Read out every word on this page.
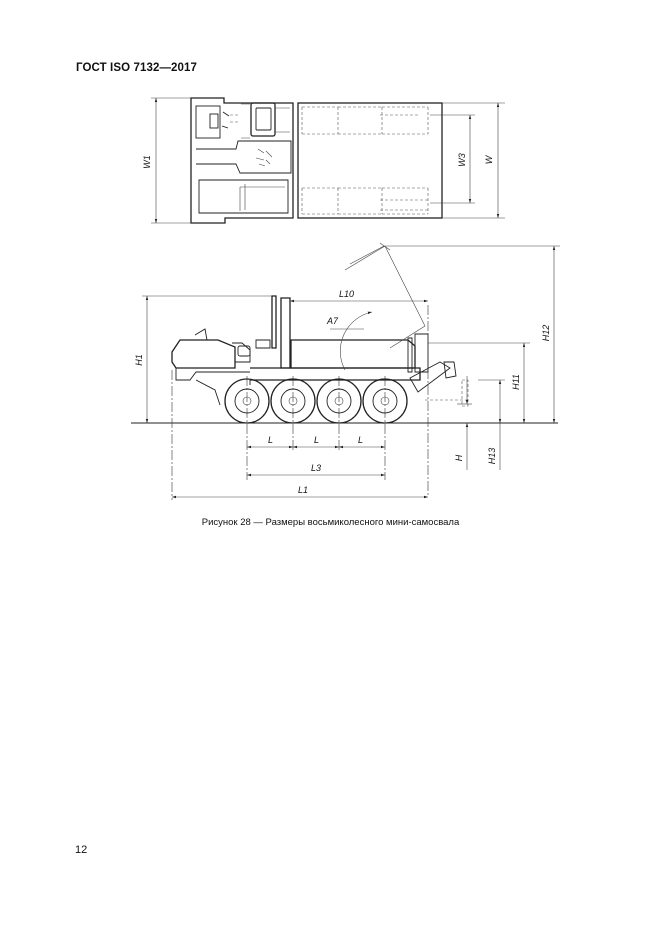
ГОСТ ISO 7132—2017
W1	W3 W
H1
L10
A7
H12
H11
H	H13
L	L	L
L3
L1
Рисунок 28 — Размеры восьмиколесного мини-самосвала
12
